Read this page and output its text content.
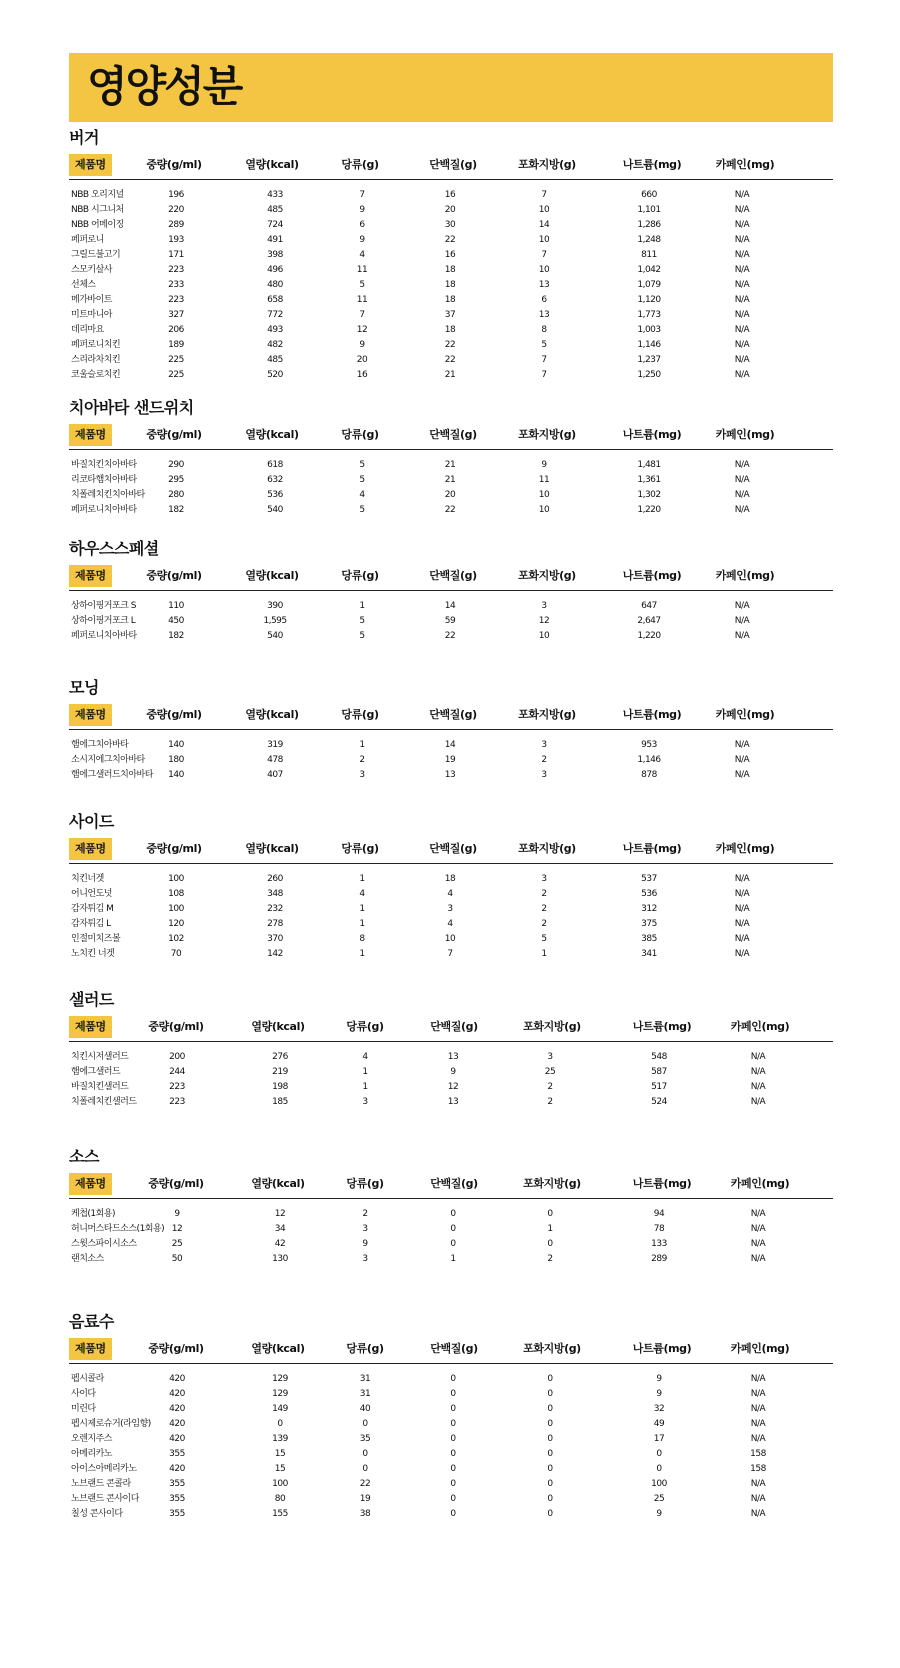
영양성분
버거
제품명	중량(g/ml)	열량(kcal)	당류(g)	단백질(g)	포화지방(g)	나트륨(mg)	카페인(mg)
NBB 오리지널	196	433	7	16	7	660	N/A
NBB 시그니처	220	485	9	20	10	1,101	N/A
NBB 어메이징	289	724	6	30	14	1,286	N/A
페퍼로니	193	491	9	22	10	1,248	N/A
그릴드불고기	171	398	4	16	7	811	N/A
스모키살사	223	496	11	18	10	1,042	N/A
선체스	233	480	5	18	13	1,079	N/A
메가바이트	223	658	11	18	6	1,120	N/A
미트마니아	327	772	7	37	13	1,773	N/A
데리마요	206	493	12	18	8	1,003	N/A
페퍼로니치킨	189	482	9	22	5	1,146	N/A
스리라차치킨	225	485	20	22	7	1,237	N/A
코울슬로치킨	225	520	16	21	7	1,250	N/A
치아바타 샌드위치
제품명	중량(g/ml)	열량(kcal)	당류(g)	단백질(g)	포화지방(g)	나트륨(mg)	카페인(mg)
바질치킨치아바타	290	618	5	21	9	1,481	N/A
리코타햄치아바타	295	632	5	21	11	1,361	N/A
치폴레치킨치아바타	280	536	4	20	10	1,302	N/A
페퍼로니치아바타	182	540	5	22	10	1,220	N/A
하우스스페셜
제품명	중량(g/ml)	열량(kcal)	당류(g)	단백질(g)	포화지방(g)	나트륨(mg)	카페인(mg)
상하이핑거포크 S	110	390	1	14	3	647	N/A
상하이핑거포크 L	450	1,595	5	59	12	2,647	N/A
페퍼로니치아바타	182	540	5	22	10	1,220	N/A
모닝
제품명	중량(g/ml)	열량(kcal)	당류(g)	단백질(g)	포화지방(g)	나트륨(mg)	카페인(mg)
햄에그치아바타	140	319	1	14	3	953	N/A
소시지에그치아바타	180	478	2	19	2	1,146	N/A
햄에그샐러드치아바타 140	407	3	13	3	878	N/A
사이드
제품명	중량(g/ml)	열량(kcal)	당류(g)	단백질(g)	포화지방(g)	나트륨(mg)	카페인(mg)
치킨너겟	100	260	1	18	3	537	N/A
어니언도넛	108	348	4	4	2	536	N/A
감자튀김 M	100	232	1	3	2	312	N/A
감자튀김 L	120	278	1	4	2	375	N/A
인절미치즈볼	102	370	8	10	5	385	N/A
노치킨 너겟	70	142	1	7	1	341	N/A
샐러드
제품명	중량(g/ml)	열량(kcal)	당류(g)	단백질(g)	포화지방(g)	나트륨(mg)	카페인(mg)
치킨시저샐러드	200	276	4	13	3	548	N/A
햄에그샐러드	244	219	1	9	25	587	N/A
바질치킨샐러드	223	198	1	12	2	517	N/A
치폴레치킨샐러드	223	185	3	13	2	524	N/A
소스
제품명	중량(g/ml)	열량(kcal)	당류(g)	단백질(g)	포화지방(g)	나트륨(mg)	카페인(mg)
케첩(1회용)	9	12	2	0	0	94	N/A
허니머스타드소스(1회용) 12	34	3	0	1	78	N/A
스윗스파이시소스	25	42	9	0	0	133	N/A
랜치소스	50	130	3	1	2	289	N/A
음료수
제품명	중량(g/ml)	열량(kcal)	당류(g)	단백질(g)	포화지방(g)	나트륨(mg)	카페인(mg)
펩시콜라	420	129	31	0	0	9	N/A
사이다	420	129	31	0	0	9	N/A
미린다	420	149	40	0	0	32	N/A
펩시제로슈거(라임향) 420	0	0	0	0	49	N/A
오렌지주스	420	139	35	0	0	17	N/A
아메리카노	355	15	0	0	0	0	158
아이스아메리카노	420	15	0	0	0	0	158
노브랜드 콘콜라	355	100	22	0	0	100	N/A
노브랜드 콘사이다	355	80	19	0	0	25	N/A
칠성 콘사이다	355	155	38	0	0	9	N/A
